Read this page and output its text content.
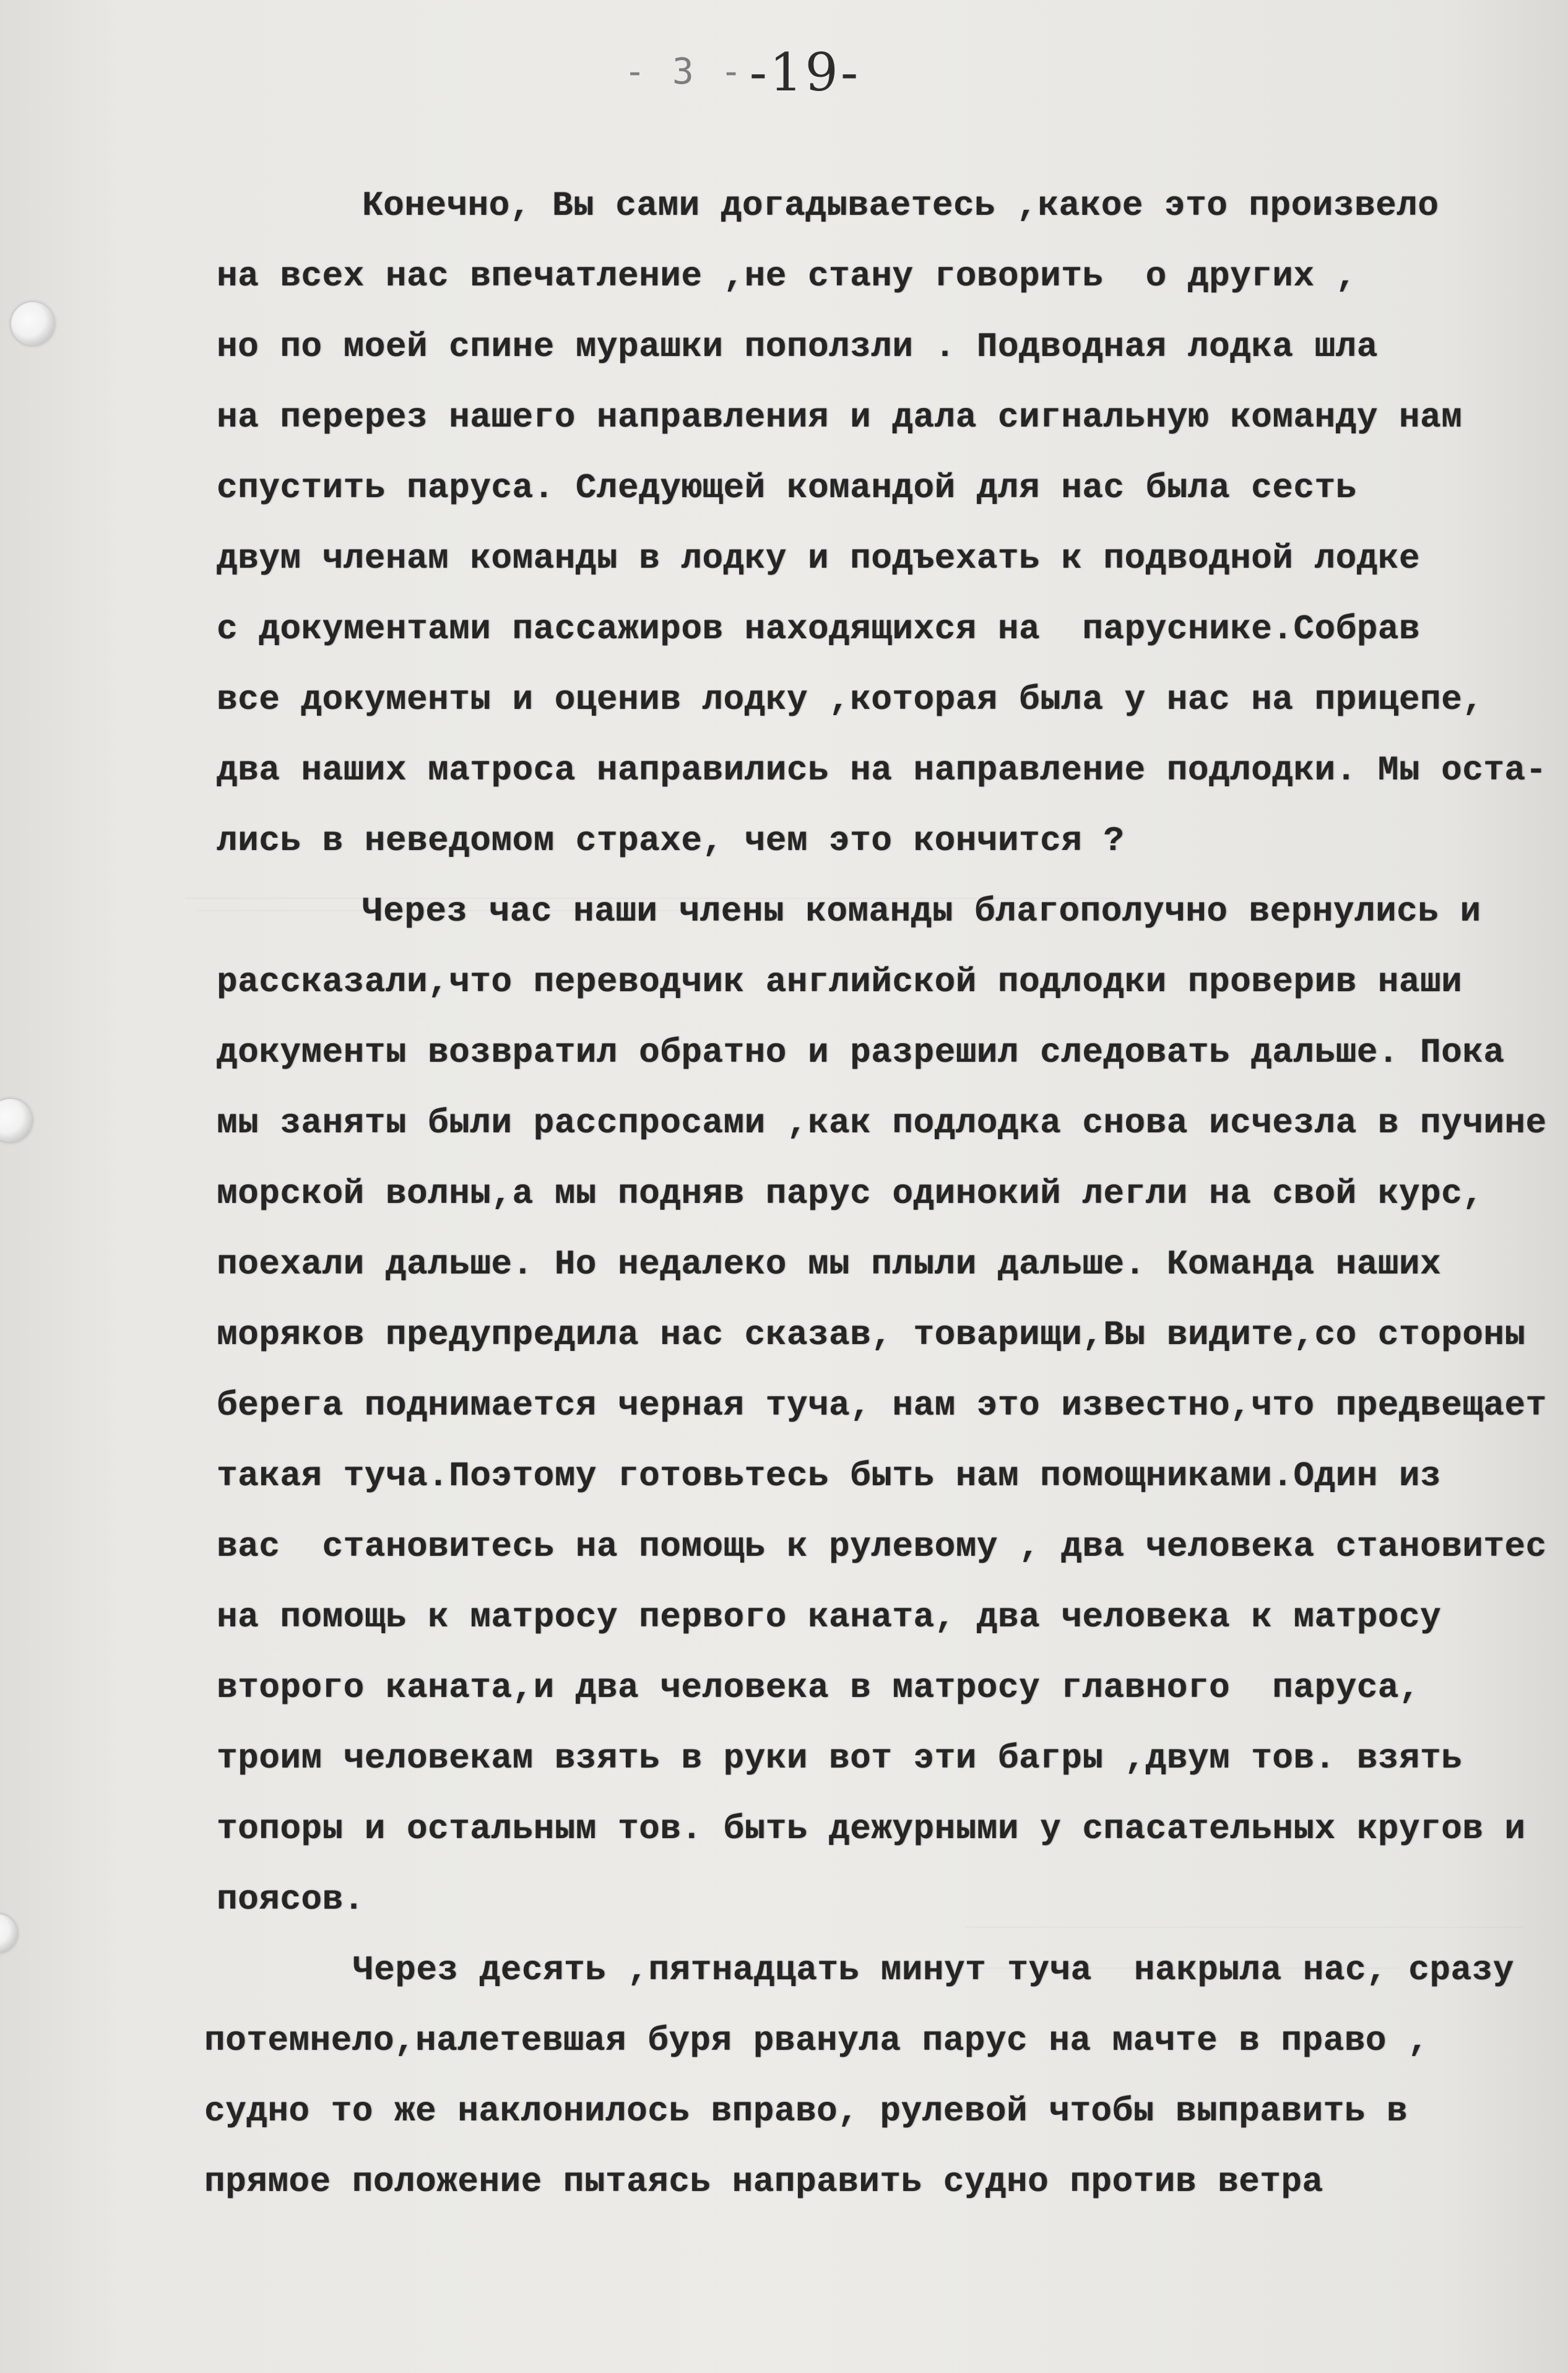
- 3 --19-
Конечно, Вы сами догадываетесь ,какое это произвело
на всех нас впечатление ,не стану говорить  о других ,
но по моей спине мурашки поползли . Подводная лодка шла
на перерез нашего направления и дала сигнальную команду нам
спустить паруса. Следующей командой для нас была сесть
двум членам команды в лодку и подъехать к подводной лодке
с документами пассажиров находящихся на  паруснике.Собрав
все документы и оценив лодку ,которая была у нас на прицепе,
два наших матроса направились на направление подлодки. Мы оста-
лись в неведомом страхе, чем это кончится ?
Через час наши члены команды благополучно вернулись и
рассказали,что переводчик английской подлодки проверив наши
документы возвратил обратно и разрешил следовать дальше. Пока
мы заняты были расспросами ,как подлодка снова исчезла в пучине
морской волны,а мы подняв парус одинокий легли на свой курс,
поехали дальше. Но недалеко мы плыли дальше. Команда наших
моряков предупредила нас сказав, товарищи,Вы видите,со стороны
берега поднимается черная туча, нам это известно,что предвещает
такая туча.Поэтому готовьтесь быть нам помощниками.Один из
вас  становитесь на помощь к рулевому , два человека становитес
на помощь к матросу первого каната, два человека к матросу
второго каната,и два человека в матросу главного  паруса,
троим человекам взять в руки вот эти багры ,двум тов. взять
топоры и остальным тов. быть дежурными у спасательных кругов и
поясов.
Через десять ,пятнадцать минут туча  накрыла нас, сразу
потемнело,налетевшая буря рванула парус на мачте в право ,
судно то же наклонилось вправо, рулевой чтобы выправить в
прямое положение пытаясь направить судно против ветра
